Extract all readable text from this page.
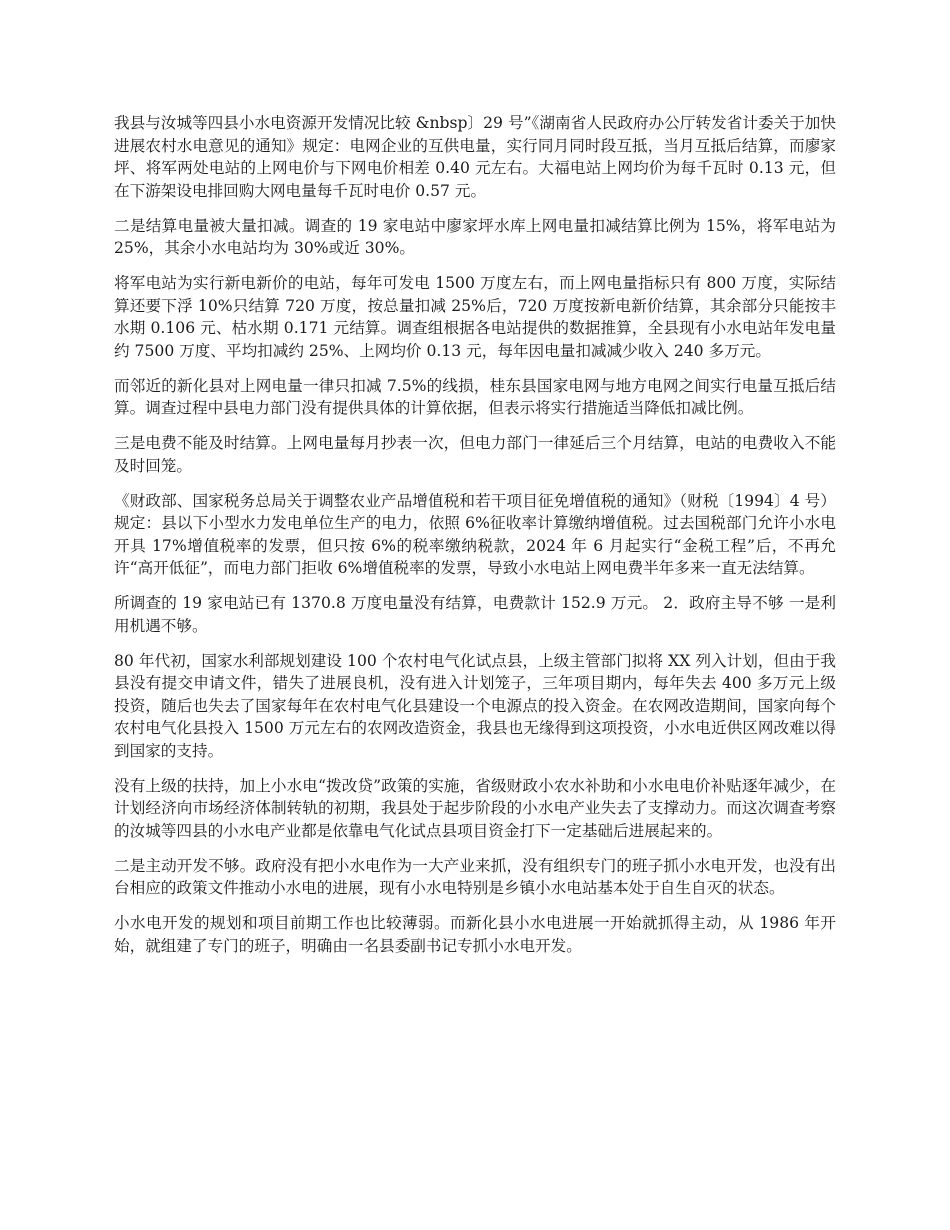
我县与汝城等四县小水电资源开发情况比较 &nbsp〕29 号”《湖南省人民政府办公厅转发省计委关于加快进展农村水电意见的通知》规定：电网企业的互供电量，实行同月同时段互抵，当月互抵后结算，而廖家坪、将军两处电站的上网电价与下网电价相差 0.40 元左右。大福电站上网均价为每千瓦时 0.13 元，但在下游架设电排回购大网电量每千瓦时电价 0.57 元。

二是结算电量被大量扣减。调查的 19 家电站中廖家坪水库上网电量扣减结算比例为 15%，将军电站为 25%，其余小水电站均为 30%或近 30%。

将军电站为实行新电新价的电站，每年可发电 1500 万度左右，而上网电量指标只有 800 万度，实际结算还要下浮 10%只结算 720 万度，按总量扣减 25%后，720 万度按新电新价结算，其余部分只能按丰水期 0.106 元、枯水期 0.171 元结算。调查组根据各电站提供的数据推算，全县现有小水电站年发电量约 7500 万度、平均扣减约 25%、上网均价 0.13 元，每年因电量扣减减少收入 240 多万元。

而邻近的新化县对上网电量一律只扣减 7.5%的线损，桂东县国家电网与地方电网之间实行电量互抵后结算。调查过程中县电力部门没有提供具体的计算依据，但表示将实行措施适当降低扣减比例。

三是电费不能及时结算。上网电量每月抄表一次，但电力部门一律延后三个月结算，电站的电费收入不能及时回笼。

《财政部、国家税务总局关于调整农业产品增值税和若干项目征免增值税的通知》（财税〔1994〕4 号）规定：县以下小型水力发电单位生产的电力，依照 6%征收率计算缴纳增值税。过去国税部门允许小水电开具 17%增值税率的发票，但只按 6%的税率缴纳税款，2024 年 6 月起实行“金税工程”后，不再允许“高开低征”，而电力部门拒收 6%增值税率的发票，导致小水电站上网电费半年多来一直无法结算。

所调查的 19 家电站已有 1370.8 万度电量没有结算，电费款计 152.9 万元。 2．政府主导不够 一是利用机遇不够。

80 年代初，国家水利部规划建设 100 个农村电气化试点县，上级主管部门拟将 XX 列入计划，但由于我县没有提交申请文件，错失了进展良机，没有进入计划笼子，三年项目期内，每年失去 400 多万元上级投资，随后也失去了国家每年在农村电气化县建设一个电源点的投入资金。在农网改造期间，国家向每个农村电气化县投入 1500 万元左右的农网改造资金，我县也无缘得到这项投资，小水电近供区网改难以得到国家的支持。

没有上级的扶持，加上小水电“拨改贷”政策的实施，省级财政小农水补助和小水电电价补贴逐年减少，在计划经济向市场经济体制转轨的初期，我县处于起步阶段的小水电产业失去了支撑动力。而这次调查考察的汝城等四县的小水电产业都是依靠电气化试点县项目资金打下一定基础后进展起来的。

二是主动开发不够。政府没有把小水电作为一大产业来抓，没有组织专门的班子抓小水电开发，也没有出台相应的政策文件推动小水电的进展，现有小水电特别是乡镇小水电站基本处于自生自灭的状态。

小水电开发的规划和项目前期工作也比较薄弱。而新化县小水电进展一开始就抓得主动，从 1986 年开始，就组建了专门的班子，明确由一名县委副书记专抓小水电开发。
